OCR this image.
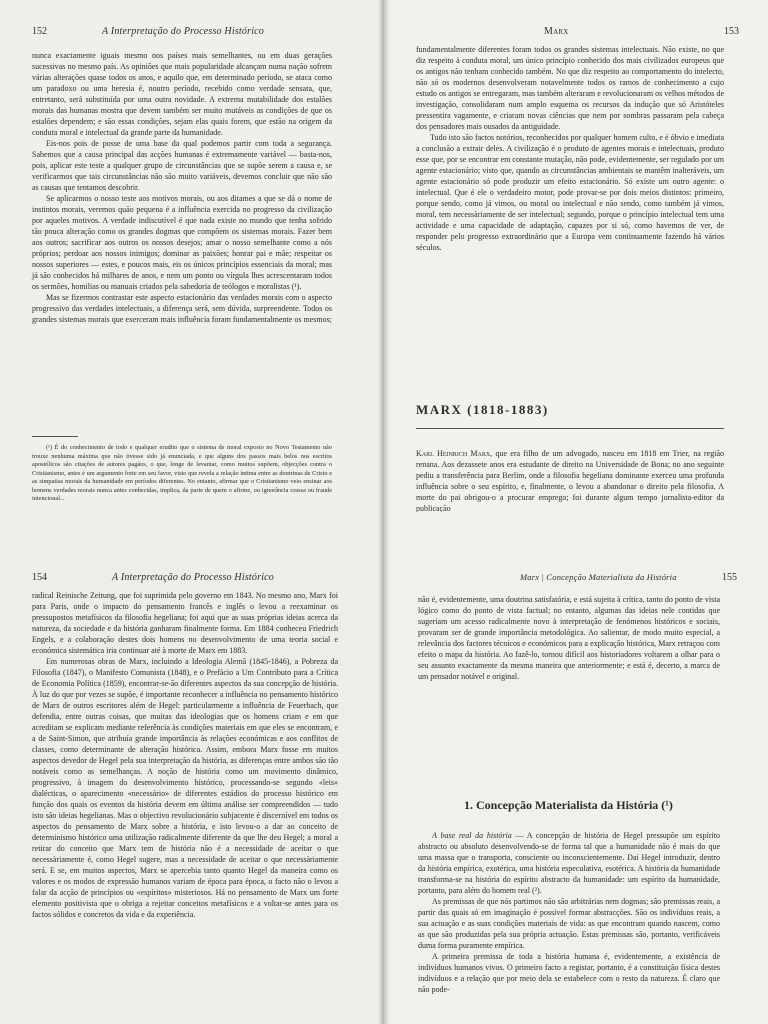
152	A Interpretação do Processo Histórico

nunca exactamente iguais mesmo nos países mais semelhantes, ou em duas gerações sucessivas no mesmo país. As opiniões que mais popularidade alcançam numa nação sofrem várias alterações quase todos os anos, e aquilo que, em determinado período, se ataca como um paradoxo ou uma heresia é, noutro período, recebido como verdade sensata, que, entretanto, será substituída por uma outra novidade. A extrema mutabilidade dos estalões morais das humanas mostra que devem também ser muito mutáveis as condições de que os estalões dependem; e são essas condições, sejam elas quais forem, que estão na origem da conduta moral e intelectual da grande parte da humanidade.

Eis-nos pois de posse de uma base da qual podemos partir com toda a segurança. Sabemos que a causa principal das acções humanas é extremamente variável — basta-nos, pois, aplicar este teste a qualquer grupo de circunstâncias que se supõe serem a causa e, se verificarmos que tais circunstâncias não são muito variáveis, devemos concluir que não são as causas que tentamos descobrir.

Se aplicarmos o nosso teste aos motivos morais, ou aos ditames a que se dá o nome de instintos morais, veremos quão pequena é a influência exercida no progresso da civilização por aqueles motivos. A verdade indiscutível é que nada existe no mundo que tenha sofrido tão pouca alteração como os grandes dogmas que compõem os sistemas morais. Fazer bem aos outros; sacrificar aos outros os nossos desejos; amar o nosso semelhante como a nós próprios; perdoar aos nossos inimigos; dominar as paixões; honrar pai e mãe; respeitar os nossos superiores — estes, e poucos mais, eis os únicos princípios essenciais da moral; mas já são conhecidos há milhares de anos, e nem um ponto ou vírgula lhes acrescentaram todos os sermões, homilias ou manuais criados pela sabedoria de teólogos e moralistas (¹).

Mas se fizermos contrastar este aspecto estacionário das verdades morais com o aspecto progressivo das verdades intelectuais, a diferença será, sem dúvida, surpreendente. Todos os grandes sistemas morais que exerceram mais influência foram fundamentalmente os mesmos;

(¹) É do conhecimento de todo e qualquer erudito que o sistema de moral exposto no Novo Testamento não trouxe nenhuma máxima que não tivesse sido já enunciada, e que alguns dos passos mais belos nos escritos apostólicos são citações de autores pagãos, o que, longe de levantar, como muitos supõem, objecções contra o Cristianismo, antes é um argumento forte em seu favor, visto que revela a relação íntima entre as doutrinas de Cristo e as simpatias morais da humanidade em períodos diferentes. No entanto, afirmar que o Cristianismo veio ensinar aos homens verdades morais nunca antes conhecidas, implica, da parte de quem o afirme, ou ignorância crassa ou fraude intencional...

Marx	153

fundamentalmente diferentes foram todos os grandes sistemas intelectuais. Não existe, no que diz respeito à conduta moral, um único princípio conhecido dos mais civilizados europeus que os antigos não tenham conhecido também. No que diz respeito ao comportamento do intelecto, não só os modernos desenvolveram notavelmente todos os ramos de conhecimento a cujo estudo os antigos se entregaram, mas também alteraram e revolucionaram os velhos métodos de investigação, consolidaram num amplo esquema os recursos da indução que só Aristóteles pressentira vagamente, e criaram novas ciências que nem por sombras passaram pela cabeça dos pensadores mais ousados da antiguidade.

Tudo isto são factos notórios, reconhecidos por qualquer homem culto, e é óbvio e imediata a conclusão a extrair deles. A civilização é o produto de agentes morais e intelectuais, produto esse que, por se encontrar em constante mutação, não pode, evidentemente, ser regulado por um agente estacionário; visto que, quando as circunstâncias ambientais se mantêm inalteráveis, um agente estacionário só pode produzir um efeito estacionário. Só existe um outro agente: o intelectual. Que é ele o verdadeiro motor, pode provar-se por dois meios distintos: primeiro, porque sendo, como já vimos, ou moral ou intelectual e não sendo, como também já vimos, moral, tem necessàriamente de ser intelectual; segundo, porque o princípio intelectual tem uma actividade e uma capacidade de adaptação, capazes por si só, como havemos de ver, de responder pelo progresso extraordinário que a Europa vem continuamente fazendo há vários séculos.

MARX (1818-1883)

Karl Heinrich Marx, que era filho de um advogado, nasceu em 1818 em Trier, na região renana. Aos dezassete anos era estudante de direito na Universidade de Bona; no ano seguinte pediu a transferência para Berlim, onde a filosofia hegeliana dominante exerceu uma profunda influência sobre o seu espírito, e, finalmente, o levou a abandonar o direito pela filosofia. A morte do pai obrigou-o a procurar emprego; foi durante algum tempo jornalista-editor da publicação

154	A Interpretação do Processo Histórico

radical Reinische Zeitung, que foi suprimida pelo governo em 1843. No mesmo ano, Marx foi para Paris, onde o impacto do pensamento francês e inglês o levou a reexaminar os pressupostos metafísicos da filosofia hegeliana; foi aqui que as suas próprias ideias acerca da natureza, da sociedade e da história ganharam finalmente forma. Em 1884 conheceu Friedrich Engels, e a colaboração destes dois homens no desenvolvimento de uma teoria social e económica sistemática iria continuar até à morte de Marx em 1883.

Em numerosas obras de Marx, incluindo a Ideologia Alemã (1845-1846), a Pobreza da Filosofia (1847), o Manifesto Comunista (1848), e o Prefácio a Um Contributo para a Crítica de Economia Política (1859), encontrar-se-ão diferentes aspectos da sua concepção de história. À luz do que por vezes se supõe, é importante reconhecer a influência no pensamento histórico de Marx de outros escritores além de Hegel: particularmente a influência de Feuerbach, que defendia, entre outras coisas, que muitas das ideologias que os homens criam e em que acreditam se explicam mediante referência às condições materiais em que eles se encontram, e a de Saint-Simon, que atribuía grande importância às relações económicas e aos conflitos de classes, como determinante de alteração histórica. Assim, embora Marx fosse em muitos aspectos devedor de Hegel pela sua interpretação da história, as diferenças entre ambos são tão notáveis como as semelhanças. A noção de história como um movimento dinâmico, progressivo, à imagem do desenvolvimento histórico, processando-se segundo «leis» dialécticas, o aparecimento «necessário» de diferentes estádios do processo histórico em função dos quais os eventos da história devem em última análise ser compreendidos — tudo isto são ideias hegelianas. Mas o objectivo revolucionário subjacente é discernível em todos os aspectos do pensamento de Marx sobre a história, e isto levou-o a dar ao conceito de determinismo histórico uma utilização radicalmente diferente da que lhe deu Hegel; a moral a retirar do conceito que Marx tem de história não é a necessidade de aceitar o que necessàriamente é, como Hegel sugere, mas a necessidade de aceitar o que necessàriamente será. E se, em muitos aspectos, Marx se apercebia tanto quanto Hegel da maneira como os valores e os modos de expressão humanos variam de época para época, o facto não o levou a falar da acção de princípios ou «espíritos» misteriosos. Há no pensamento de Marx um forte elemento positivista que o obriga a rejeitar conceitos metafísicos e a voltar-se antes para os factos sólidos e concretos da vida e da experiência.

Marx | Concepção Materialista da História	155

não é, evidentemente, uma doutrina satisfatória, e está sujeita à crítica, tanto do ponto de vista lógico como do ponto de vista factual; no entanto, algumas das ideias nele contidas que sugeriam um acesso radicalmente novo à interpretação de fenómenos históricos e sociais, provaram ser de grande importância metodológica. Ao salientar, de modo muito especial, a relevância dos factores técnicos e económicos para a explicação histórica, Marx retraçou com efeito o mapa da história. Ao fazê-lo, tornou difícil aos historiadores voltarem a olhar para o seu assunto exactamente da mesma maneira que anteriormente; e está é, decerto, a marca de um pensador notável e original.

1. Concepção Materialista da História (¹)

A base real da história — A concepção de história de Hegel pressupõe um espírito abstracto ou absoluto desenvolvendo-se de forma tal que a humanidade não é mais do que uma massa que o transporta, consciente ou inconscientemente. Daí Hegel introduzir, dentro da história empírica, exotérica, uma história especulativa, esotérica. A história da humanidade transforma-se na história do espírito abstracto da humanidade: um espírito da humanidade, portanto, para além do homem real (²).

As premissas de que nós partimos não são arbitrárias nem dogmas; são premissas reais, a partir das quais só em imaginação é possível formar abstracções. São os indivíduos reais, a sua actuação e as suas condições materiais de vida: as que encontram quando nascem, como as que são produzidas pela sua própria actuação. Estas premissas são, portanto, verificáveis duma forma puramente empírica.

A primeira premissa de toda a história humana é, evidentemente, a existência de indivíduos humanos vivos. O primeiro facto a registar, portanto, é a constituição física destes indivíduos e a relação que por meio dela se estabelece com o resto da natureza. É claro que não pode-
